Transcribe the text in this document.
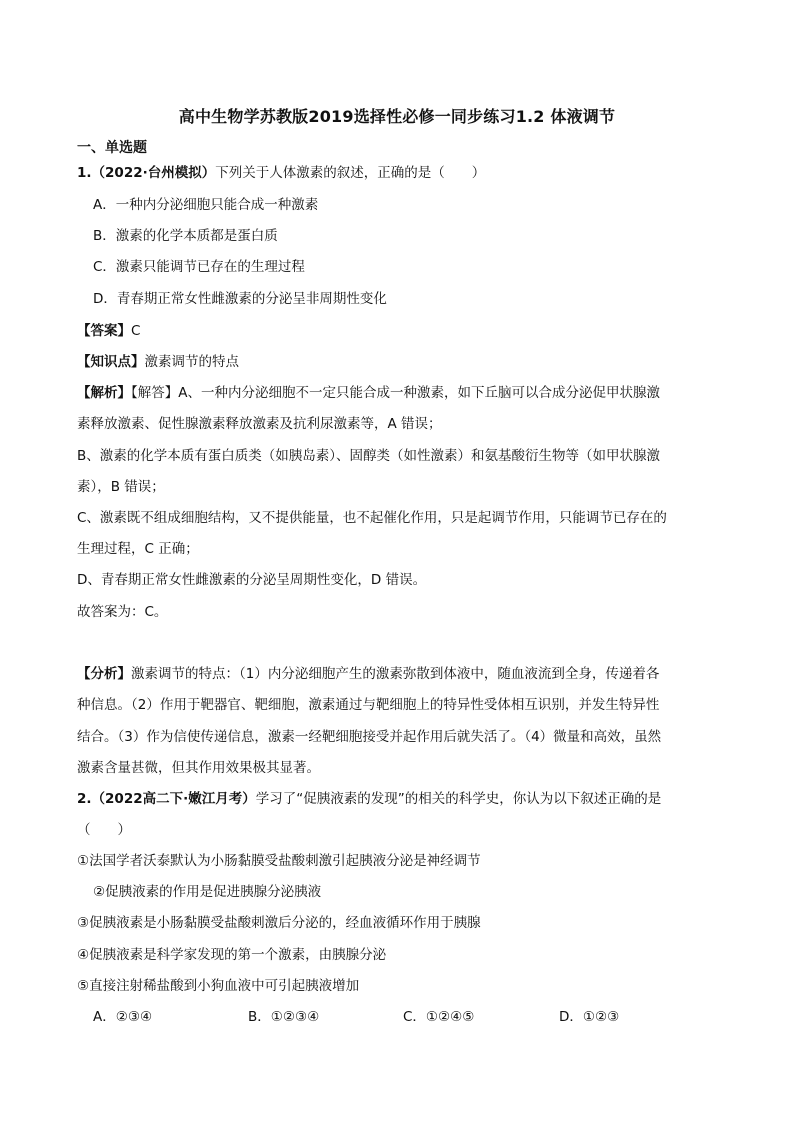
高中生物学苏教版2019选择性必修一同步练习1.2 体液调节
一、单选题
1.（2022·台州模拟）下列关于人体激素的叙述，正确的是（　　）
A．一种内分泌细胞只能合成一种激素
B．激素的化学本质都是蛋白质
C．激素只能调节已存在的生理过程
D．青春期正常女性雌激素的分泌呈非周期性变化
【答案】C
【知识点】激素调节的特点
【解析】【解答】A、一种内分泌细胞不一定只能合成一种激素，如下丘脑可以合成分泌促甲状腺激
素释放激素、促性腺激素释放激素及抗利尿激素等，A 错误；
B、激素的化学本质有蛋白质类（如胰岛素）、固醇类（如性激素）和氨基酸衍生物等（如甲状腺激
素），B 错误；
C、激素既不组成细胞结构，又不提供能量，也不起催化作用，只是起调节作用，只能调节已存在的
生理过程，C 正确；
D、青春期正常女性雌激素的分泌呈周期性变化，D 错误。
故答案为：C。
【分析】激素调节的特点：（1）内分泌细胞产生的激素弥散到体液中，随血液流到全身，传递着各
种信息。（2）作用于靶器官、靶细胞，激素通过与靶细胞上的特异性受体相互识别，并发生特异性
结合。（3）作为信使传递信息，激素一经靶细胞接受并起作用后就失活了。（4）微量和高效，虽然
激素含量甚微，但其作用效果极其显著。
2.（2022高二下·嫩江月考）学习了“促胰液素的发现”的相关的科学史，你认为以下叙述正确的是
（　　）
①法国学者沃泰默认为小肠黏膜受盐酸刺激引起胰液分泌是神经调节
②促胰液素的作用是促进胰腺分泌胰液
③促胰液素是小肠黏膜受盐酸刺激后分泌的，经血液循环作用于胰腺
④促胰液素是科学家发现的第一个激素，由胰腺分泌
⑤直接注射稀盐酸到小狗血液中可引起胰液增加
A．②③④	B．①②③④	C．①②④⑤	D．①②③
